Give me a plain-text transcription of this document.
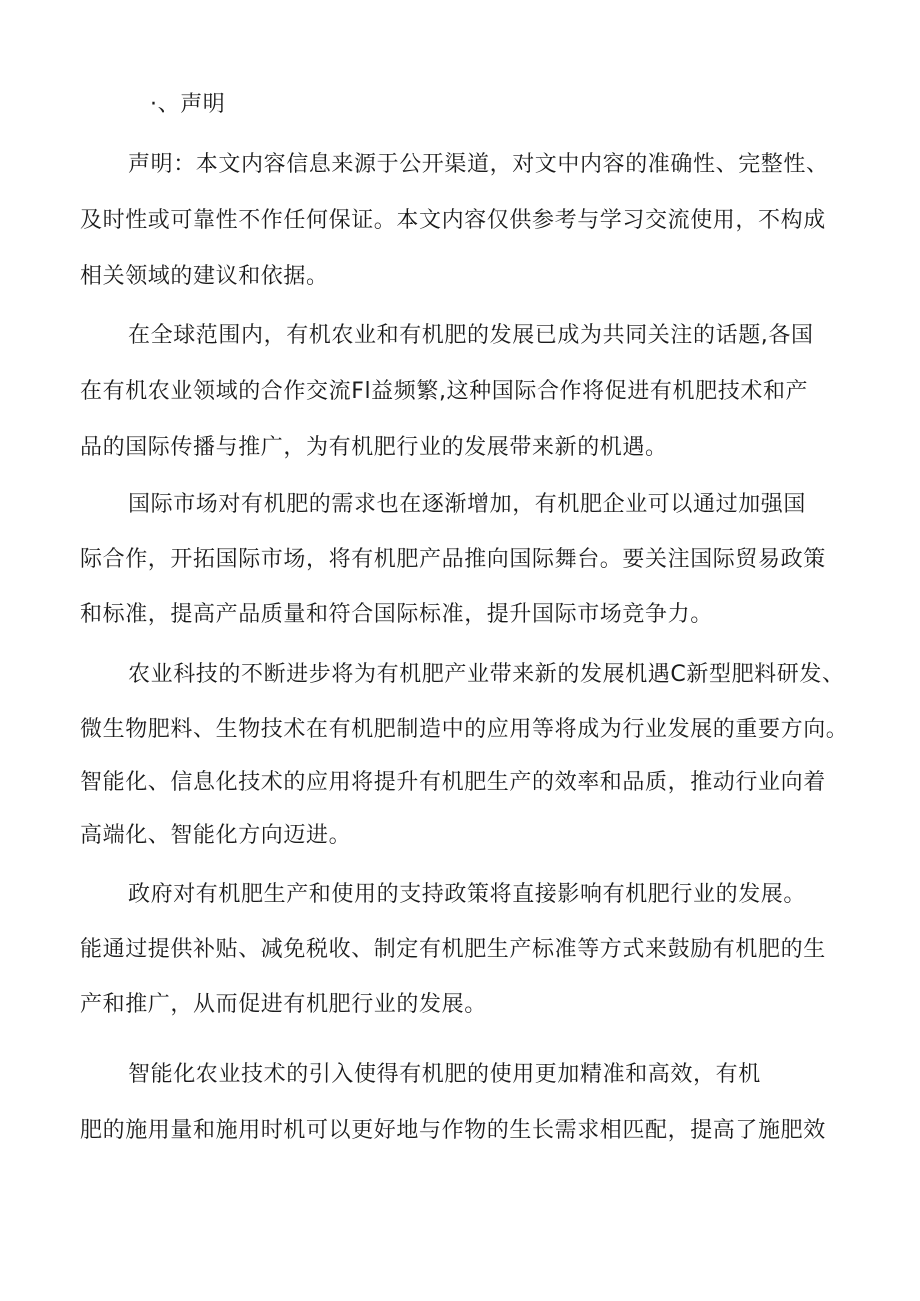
·、声明
声明：本文内容信息来源于公开渠道，对文中内容的准确性、完整性、
及时性或可靠性不作任何保证。本文内容仅供参考与学习交流使用，不构成
相关领域的建议和依据。
在全球范围内，有机农业和有机肥的发展已成为共同关注的话题,各国
在有机农业领域的合作交流Fl益频繁,这种国际合作将促进有机肥技术和产
品的国际传播与推广，为有机肥行业的发展带来新的机遇。
国际市场对有机肥的需求也在逐渐增加，有机肥企业可以通过加强国
际合作，开拓国际市场，将有机肥产品推向国际舞台。要关注国际贸易政策
和标准，提高产品质量和符合国际标准，提升国际市场竞争力。
农业科技的不断进步将为有机肥产业带来新的发展机遇C新型肥料研发、
微生物肥料、生物技术在有机肥制造中的应用等将成为行业发展的重要方向。
智能化、信息化技术的应用将提升有机肥生产的效率和品质，推动行业向着
高端化、智能化方向迈进。
政府对有机肥生产和使用的支持政策将直接影响有机肥行业的发展。
能通过提供补贴、减免税收、制定有机肥生产标准等方式来鼓励有机肥的生
产和推广，从而促进有机肥行业的发展。
智能化农业技术的引入使得有机肥的使用更加精准和高效，有机
肥的施用量和施用时机可以更好地与作物的生长需求相匹配，提高了施肥效
